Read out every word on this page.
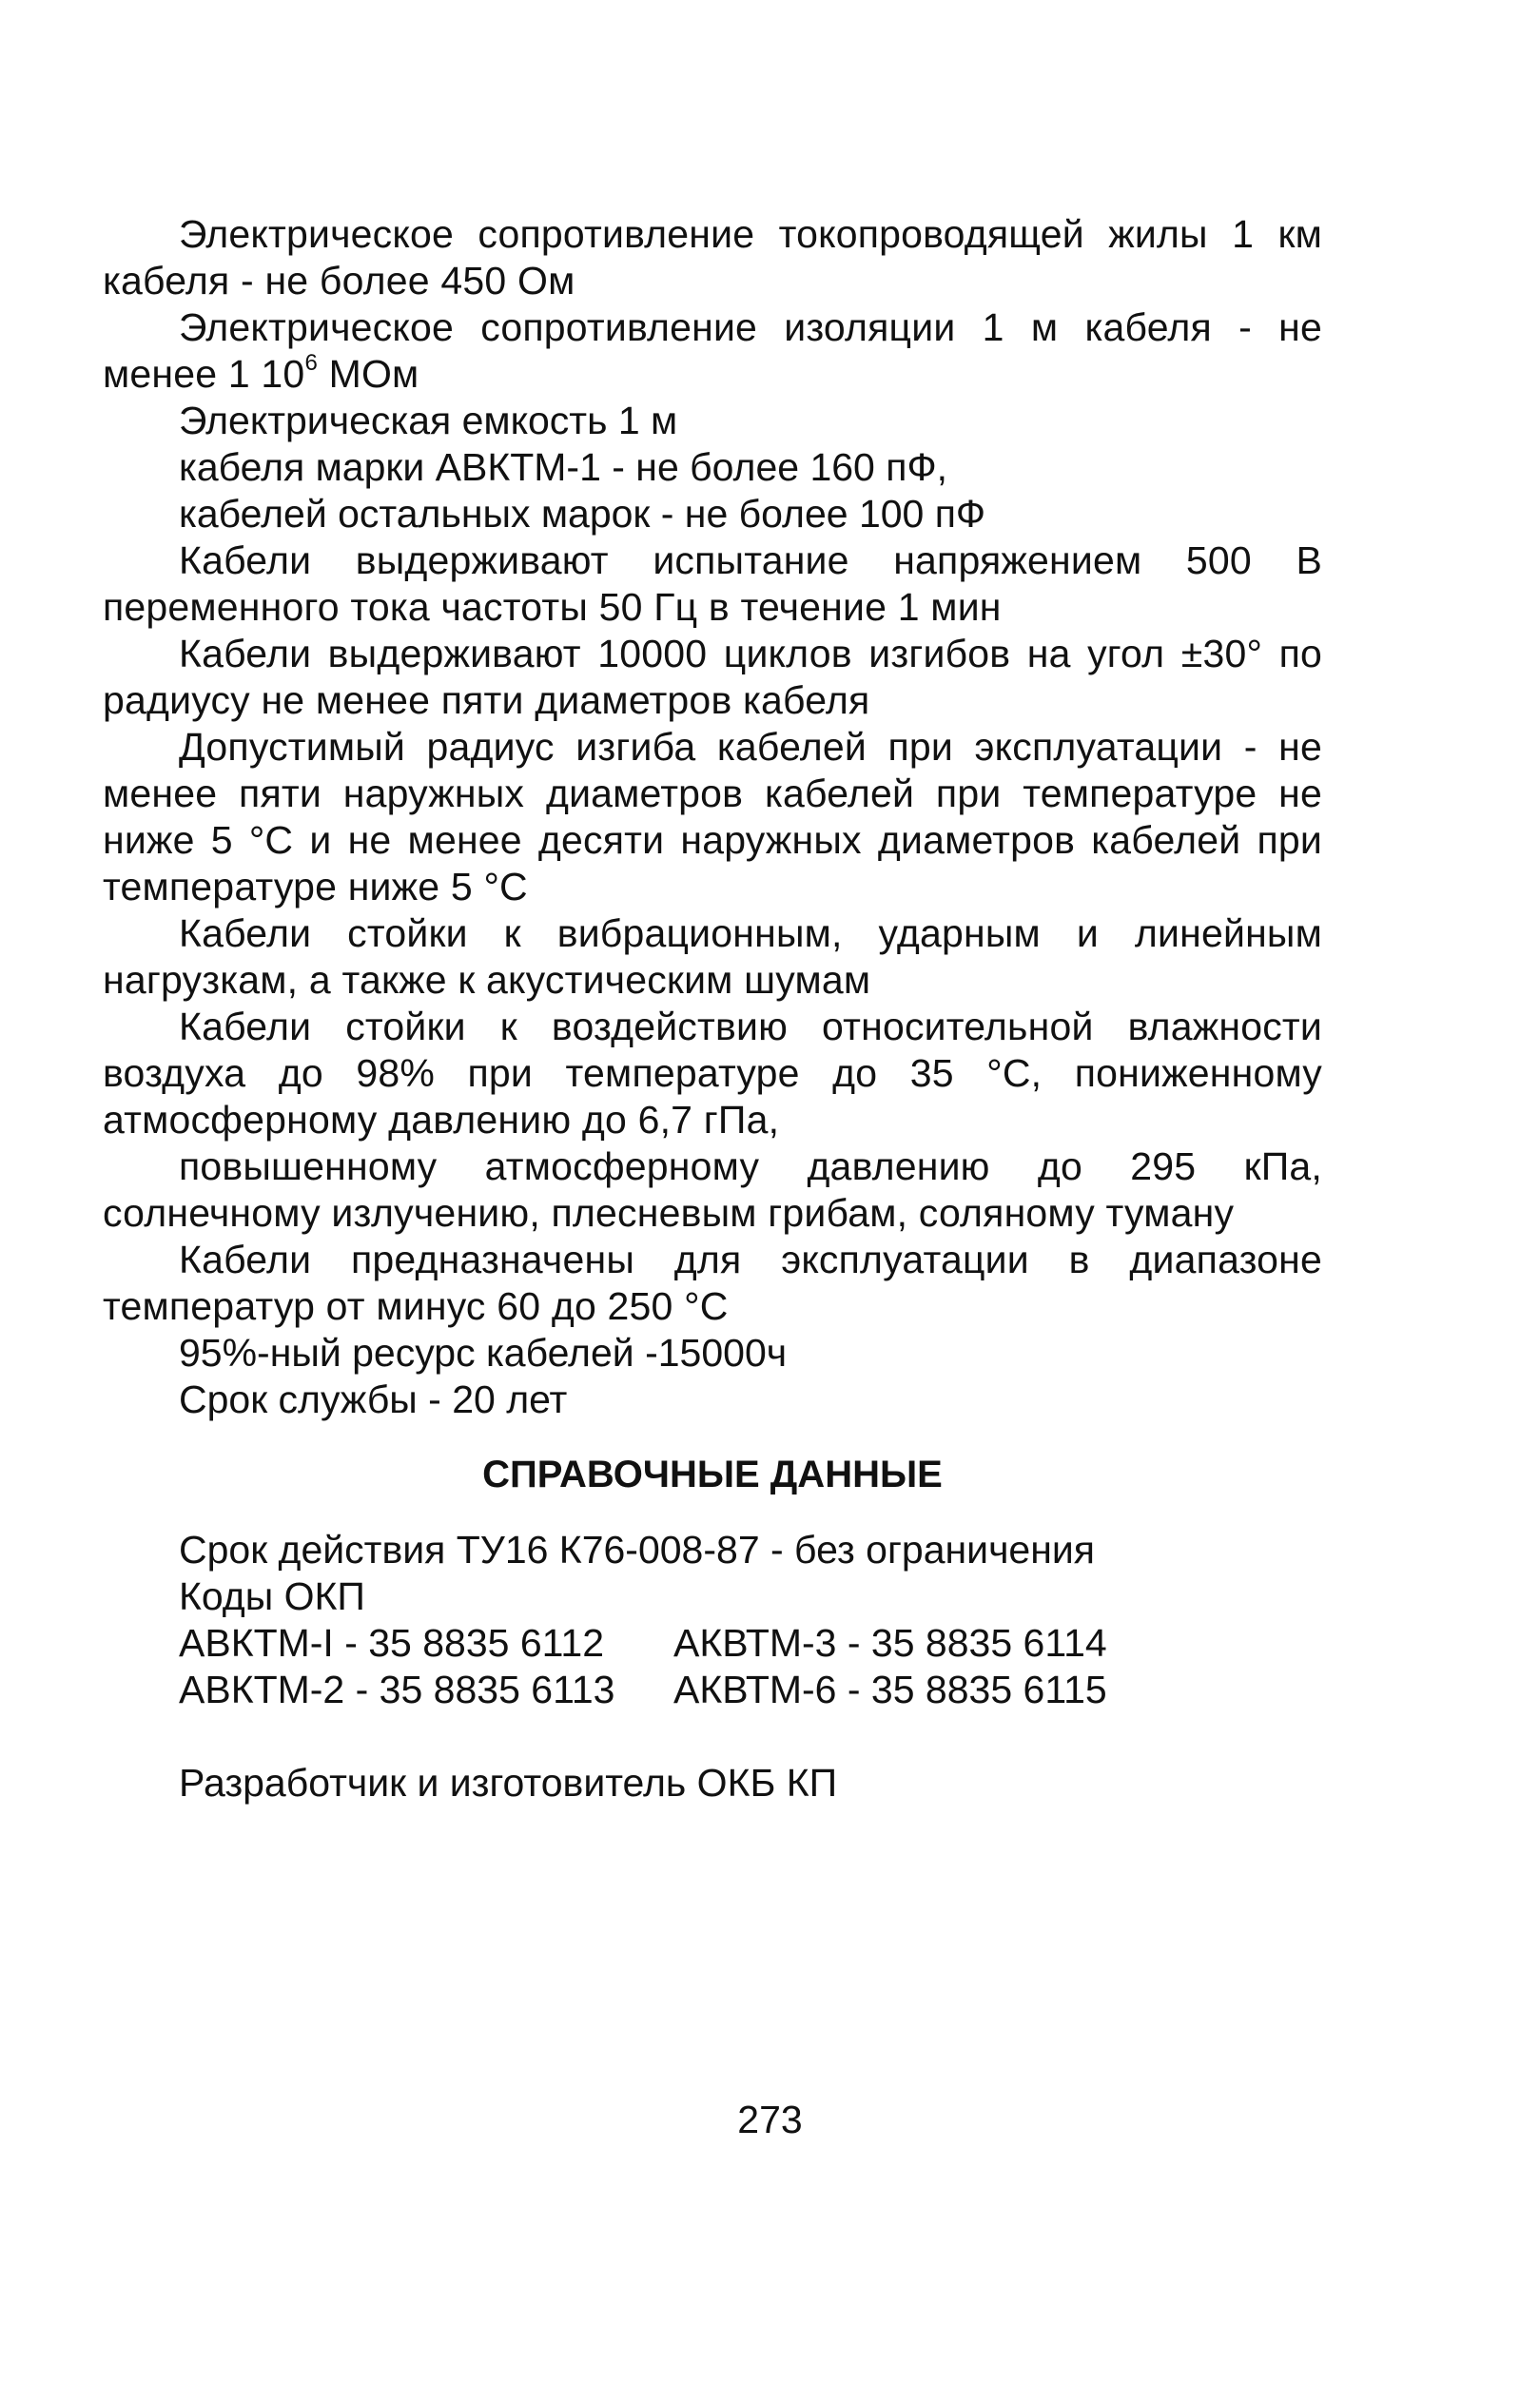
Электрическое сопротивление токопроводящей жилы 1 км кабеля - не более 450 Ом

Электрическое сопротивление изоляции 1 м кабеля - не менее 1 $10^6$ МОм

Электрическая емкость 1 м

кабеля марки АВКТМ-1 - не более 160 пФ,

кабелей остальных марок - не более 100 пФ

Кабели выдерживают испытание напряжением 500 В переменного тока частоты 50 Гц в течение 1 мин

Кабели выдерживают 10000 циклов изгибов на угол ±30° по радиусу не менее пяти диаметров кабеля

Допустимый радиус изгиба кабелей при эксплуатации - не менее пяти наружных диаметров кабелей при температуре не ниже 5 °С и не менее десяти наружных диаметров кабелей при температуре ниже 5 °С

Кабели стойки к вибрационным, ударным и линейным нагрузкам, а также к акустическим шумам

Кабели стойки к воздействию относительной влажности воздуха до 98% при температуре до 35 °С, пониженному атмосферному давлению до 6,7 гПа,

повышенному атмосферному давлению до 295 кПа, солнечному излучению, плесневым грибам, соляному туману

Кабели предназначены для эксплуатации в диапазоне температур от минус 60 до 250 °С

95%-ный ресурс кабелей -15000ч

Срок службы - 20 лет

СПРАВОЧНЫЕ ДАННЫЕ
Срок действия ТУ16 К76-008-87 - без ограничения
Коды ОКП
АВКТМ-I - 35 8835 6112	АКВТМ-3 - 35 8835 6114
АВКТМ-2 - 35 8835 6113	АКВТМ-6 - 35 8835 6115
Разработчик и изготовитель ОКБ КП
273
